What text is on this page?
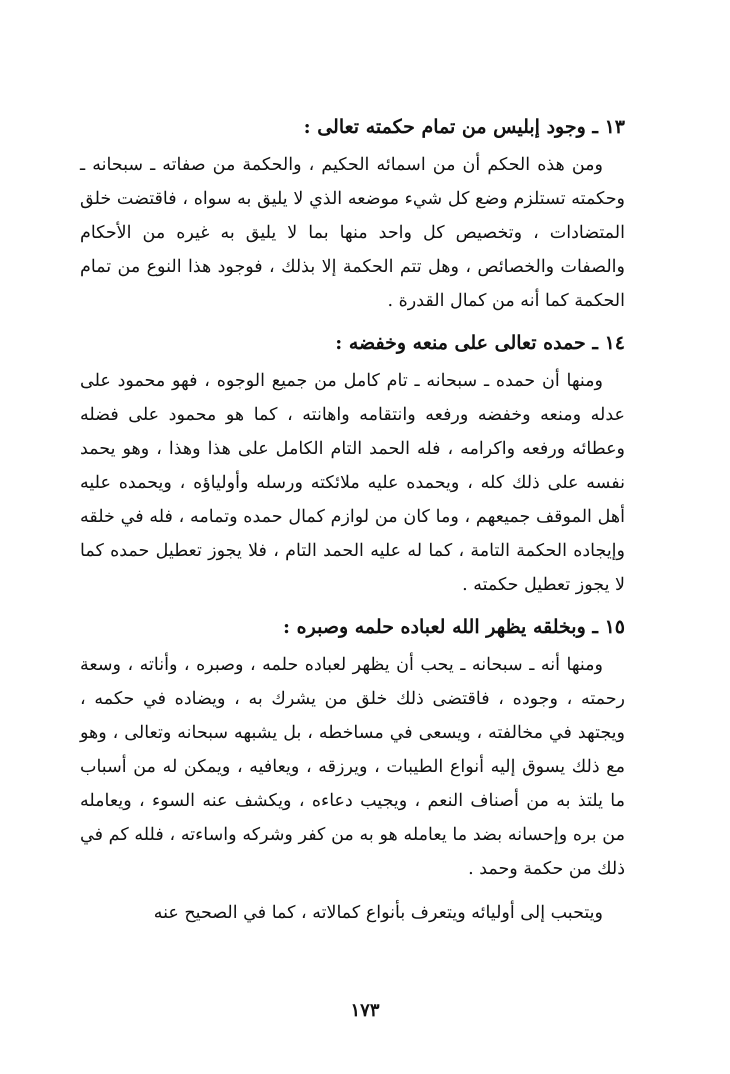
١٣ ـ وجود إبليس من تمام حكمته تعالى :

ومن هذه الحكم أن من اسمائه الحكيم ، والحكمة من صفاته ـ سبحانه ـ وحكمته تستلزم وضع كل شيء موضعه الذي لا يليق به سواه ، فاقتضت خلق المتضادات ، وتخصيص كل واحد منها بما لا يليق به غيره من الأحكام والصفات والخصائص ، وهل تتم الحكمة إلا بذلك ، فوجود هذا النوع من تمام الحكمة كما أنه من كمال القدرة .

١٤ ـ حمده تعالى على منعه وخفضه :

ومنها أن حمده ـ سبحانه ـ تام كامل من جميع الوجوه ، فهو محمود على عدله ومنعه وخفضه ورفعه وانتقامه واهانته ، كما هو محمود على فضله وعطائه ورفعه واكرامه ، فله الحمد التام الكامل على هذا وهذا ، وهو يحمد نفسه على ذلك كله ، ويحمده عليه ملائكته ورسله وأولياؤه ، ويحمده عليه أهل الموقف جميعهم ، وما كان من لوازم كمال حمده وتمامه ، فله في خلقه وإيجاده الحكمة التامة ، كما له عليه الحمد التام ، فلا يجوز تعطيل حمده كما لا يجوز تعطيل حكمته .

١٥ ـ وبخلقه يظهر الله لعباده حلمه وصبره :

ومنها أنه ـ سبحانه ـ يحب أن يظهر لعباده حلمه ، وصبره ، وأناته ، وسعة رحمته ، وجوده ، فاقتضى ذلك خلق من يشرك به ، ويضاده في حكمه ، ويجتهد في مخالفته ، ويسعى في مساخطه ، بل يشبهه سبحانه وتعالى ، وهو مع ذلك يسوق إليه أنواع الطيبات ، ويرزقه ، ويعافيه ، ويمكن له من أسباب ما يلتذ به من أصناف النعم ، ويجيب دعاءه ، ويكشف عنه السوء ، ويعامله من بره وإحسانه بضد ما يعامله هو به من كفر وشركه واساءته ، فلله كم في ذلك من حكمة وحمد .

ويتحبب إلى أوليائه ويتعرف بأنواع كمالاته ، كما في الصحيح عنه

١٧٣
